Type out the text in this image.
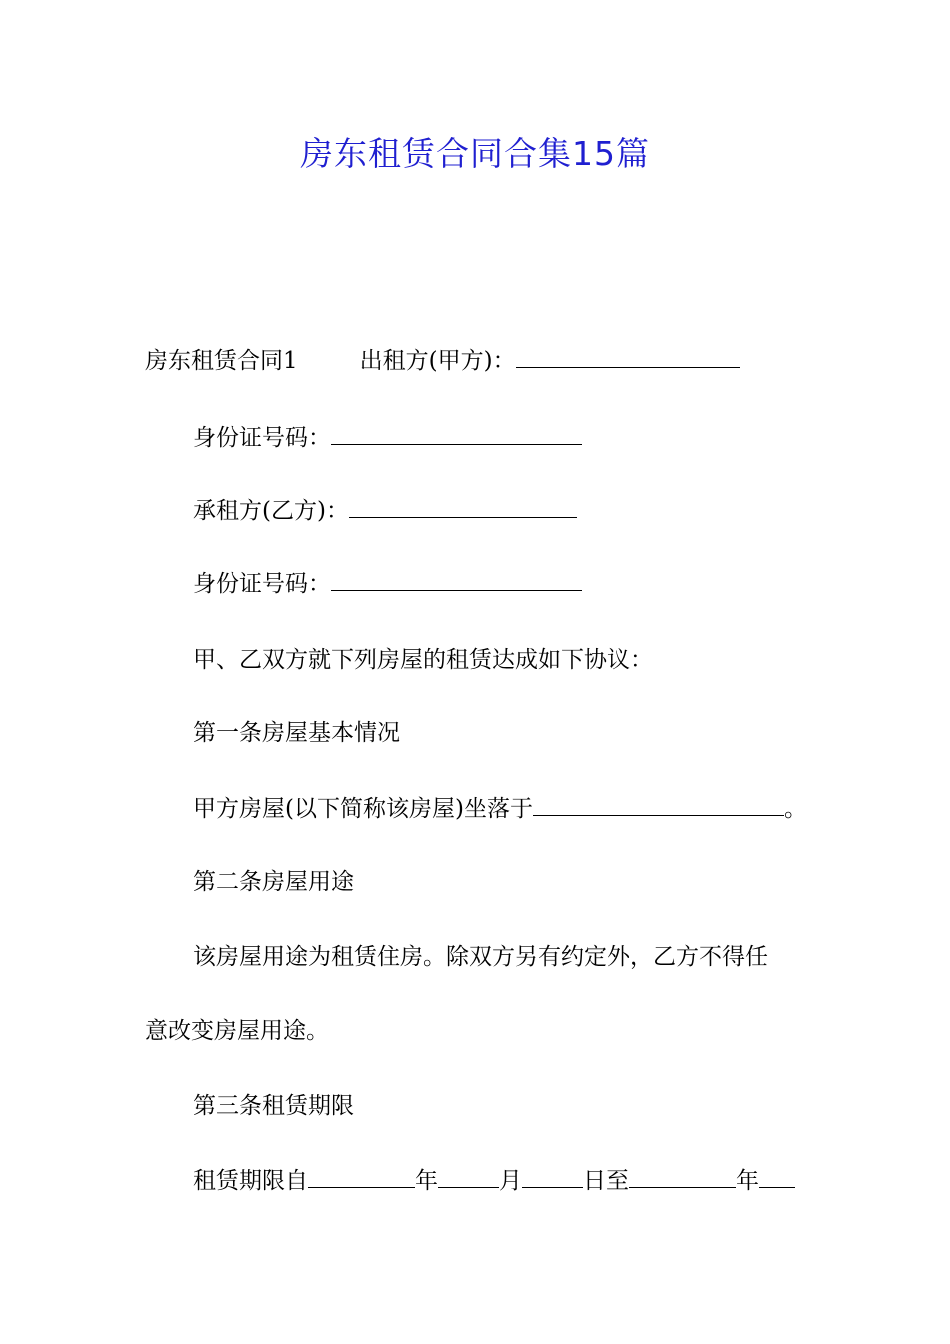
房东租赁合同合集15篇
房东租赁合同1	出租方(甲方)：
身份证号码：
承租方(乙方)：
身份证号码：
甲、乙双方就下列房屋的租赁达成如下协议：
第一条房屋基本情况
甲方房屋(以下简称该房屋)坐落于	。
第二条房屋用途
该房屋用途为租赁住房。除双方另有约定外，乙方不得任
意改变房屋用途。
第三条租赁期限
租赁期限自	年	月	日至	年
